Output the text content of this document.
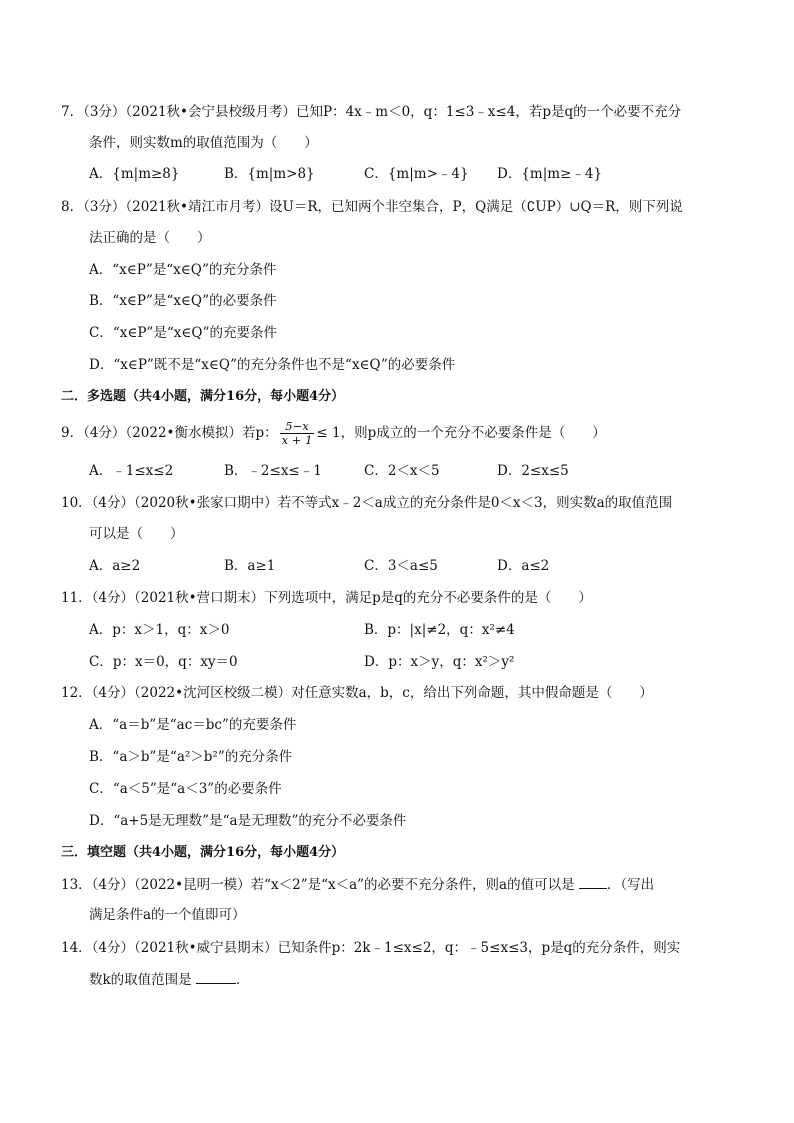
7．（3分）（2021秋•会宁县校级月考）已知P：4x﹣m＜0，q：1≤3﹣x≤4，若p是q的一个必要不充分
条件，则实数m的取值范围为（　　）
A．{m|m≥8}	B．{m|m>8}	C．{m|m>﹣4} D．{m|m≥﹣4}
8．（3分）（2021秋•靖江市月考）设U＝R，已知两个非空集合，P，Q满足（∁UP）∪Q＝R，则下列说
法正确的是（　　）
A．“x∈P”是“x∈Q”的充分条件
B．“x∈P”是“x∈Q”的必要条件
C．“x∈P”是“x∈Q”的充要条件
D．“x∈P”既不是“x∈Q”的充分条件也不是“x∈Q”的必要条件
二．多选题（共4小题，满分16分，每小题4分）
9．（4分）（2022•衡水模拟）若p： $\frac{5-x}{x + 1} \le 1$，则p成立的一个充分不必要条件是（　　）
A．﹣1≤x≤2	B．﹣2≤x≤﹣1	C．2＜x＜5	D．2≤x≤5
10．（4分）（2020秋•张家口期中）若不等式x﹣2＜a成立的充分条件是0＜x＜3，则实数a的取值范围
可以是（　　）
A．a≥2	B．a≥1	C．3＜a≤5	D．a≤2
11．（4分）（2021秋•营口期末）下列选项中，满足p是q的充分不必要条件的是（　　）
A．p：x＞1，q：x＞0	B．p：|x|≠2，q：x²≠4
C．p：x＝0，q：xy＝0	D．p：x＞y，q：x²＞y²
12．（4分）（2022•沈河区校级二模）对任意实数a，b，c，给出下列命题，其中假命题是（　　）
A．“a＝b”是“ac＝bc”的充要条件
B．“a＞b”是“a²＞b²”的充分条件
C．“a＜5”是“a＜3”的必要条件
D．“a+5是无理数”是“a是无理数”的充分不必要条件
三．填空题（共4小题，满分16分，每小题4分）
13．（4分）（2022•昆明一模）若“x＜2”是“x＜a”的必要不充分条件，则a的值可以是 ．（写出
满足条件a的一个值即可）
14．（4分）（2021秋•威宁县期末）已知条件p：2k﹣1≤x≤2，q：﹣5≤x≤3，p是q的充分条件，则实
数k的取值范围是	．
